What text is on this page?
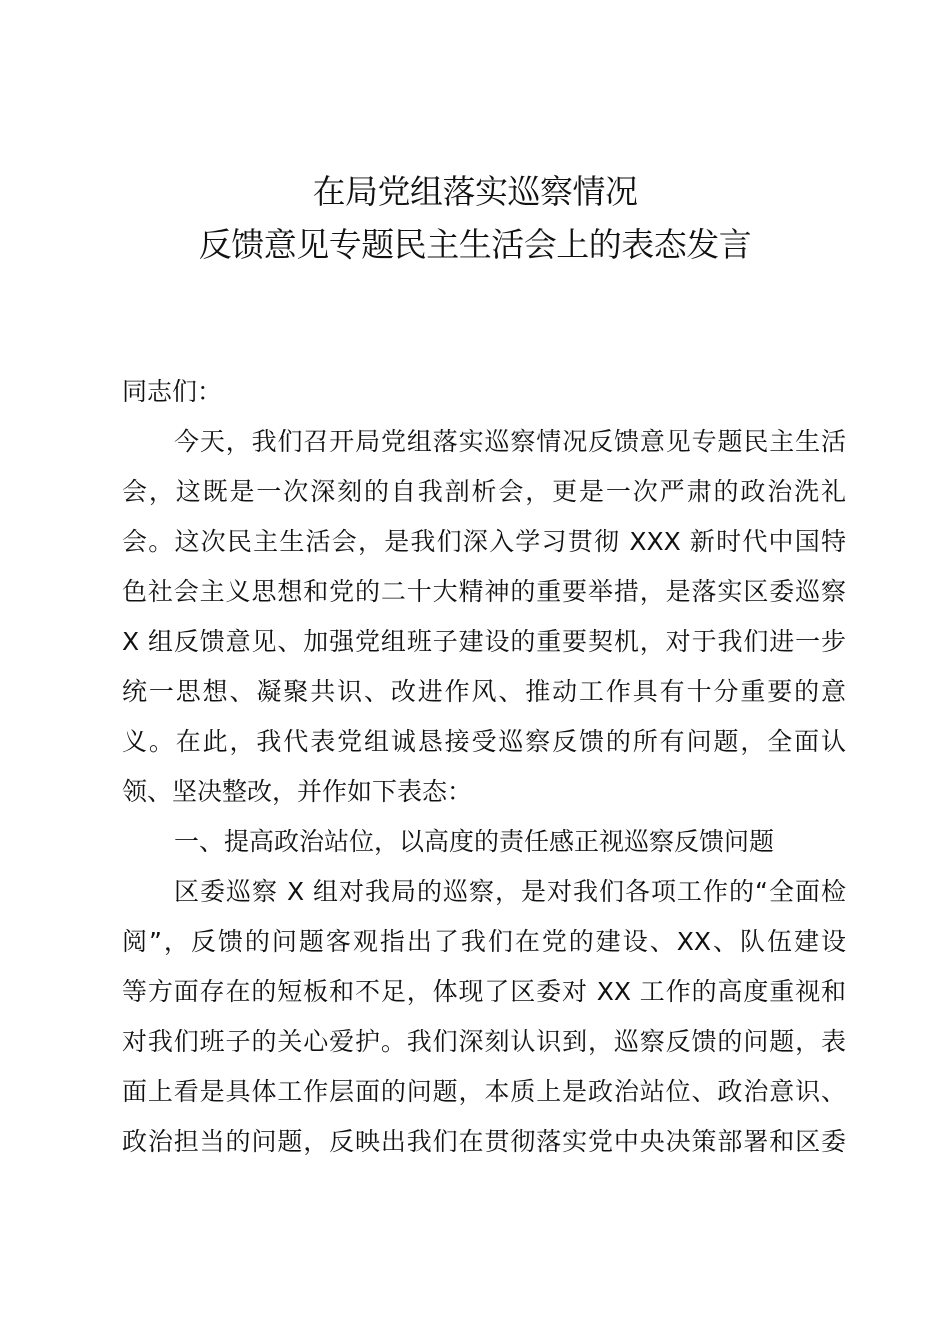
在局党组落实巡察情况
反馈意见专题民主生活会上的表态发言
同志们：
今天，我们召开局党组落实巡察情况反馈意见专题民主生活
会，这既是一次深刻的自我剖析会，更是一次严肃的政治洗礼
会。这次民主生活会，是我们深入学习贯彻 XXX 新时代中国特
色社会主义思想和党的二十大精神的重要举措，是落实区委巡察
X 组反馈意见、加强党组班子建设的重要契机，对于我们进一步
统一思想、凝聚共识、改进作风、推动工作具有十分重要的意
义。在此，我代表党组诚恳接受巡察反馈的所有问题，全面认
领、坚决整改，并作如下表态：
一、提高政治站位，以高度的责任感正视巡察反馈问题
区委巡察 X 组对我局的巡察，是对我们各项工作的“全面检
阅”，反馈的问题客观指出了我们在党的建设、XX、队伍建设
等方面存在的短板和不足，体现了区委对 XX 工作的高度重视和
对我们班子的关心爱护。我们深刻认识到，巡察反馈的问题，表
面上看是具体工作层面的问题，本质上是政治站位、政治意识、
政治担当的问题，反映出我们在贯彻落实党中央决策部署和区委
